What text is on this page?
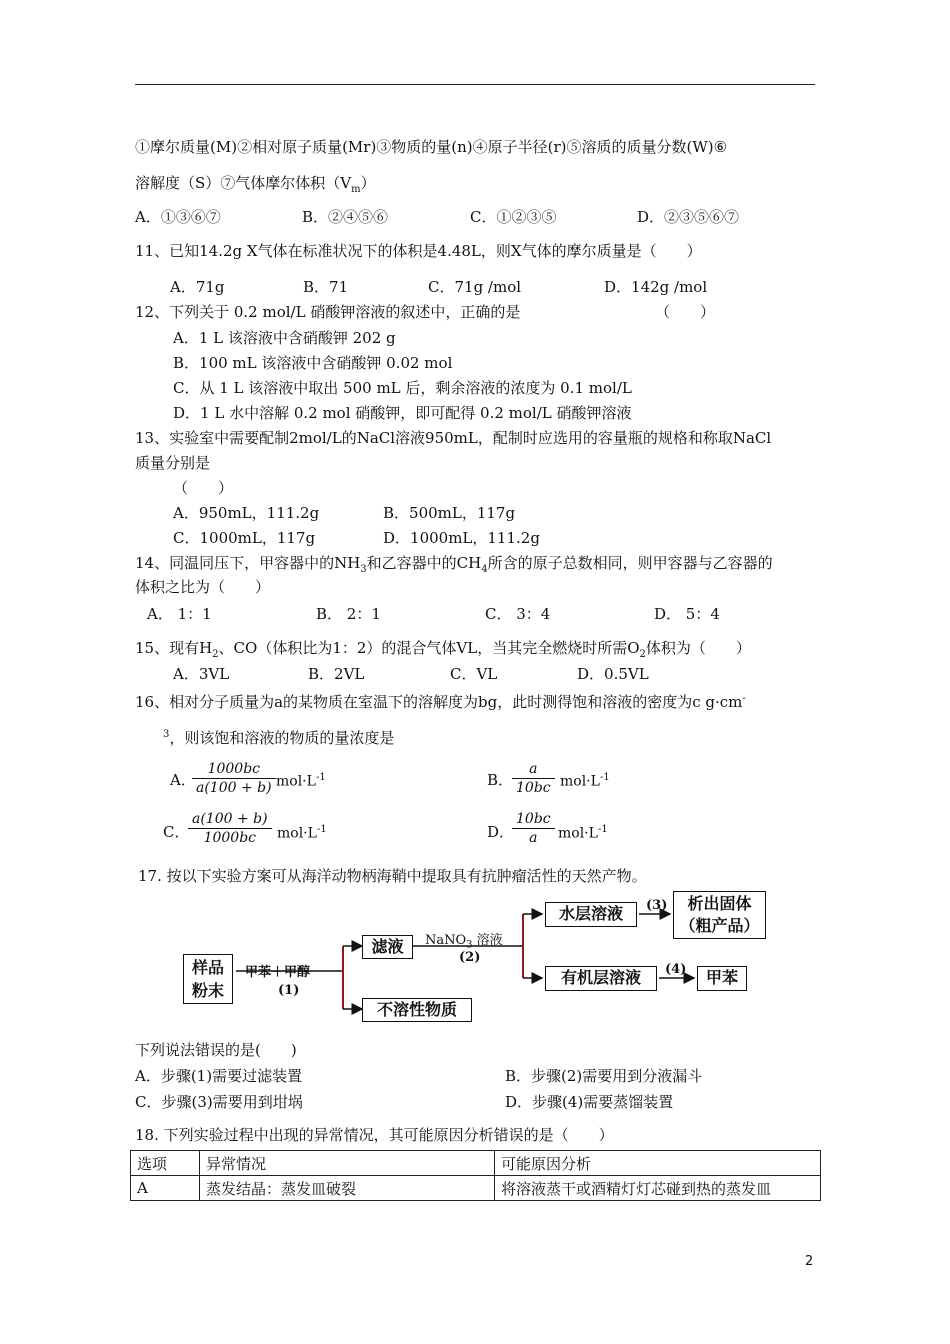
①摩尔质量(M)②相对原子质量(Mr)③物质的量(n)④原子半径(r)⑤溶质的质量分数(W)⑥
溶解度（S）⑦气体摩尔体积$(V_m)$
A．①③⑥⑦	B．②④⑤⑥	C．①②③⑤	D．②③⑤⑥⑦
11、已知14.2g X气体在标准状况下的体积是4.48L，则X气体的摩尔质量是（　　）
A．71g	B．71	C．71g /mol	D．142g /mol
12、下列关于 0.2 mol/L 硝酸钾溶液的叙述中，正确的是	（　　）
A．1 L 该溶液中含硝酸钾 202 g
B．100 mL 该溶液中含硝酸钾 0.02 mol
C．从 1 L 该溶液中取出 500 mL 后，剩余溶液的浓度为 0.1 mol/L
D．1 L 水中溶解 0.2 mol 硝酸钾，即可配得 0.2 mol/L 硝酸钾溶液
13、实验室中需要配制2mol/L的NaCl溶液950mL，配制时应选用的容量瓶的规格和称取NaCl
质量分别是
（　　）
A．950mL，111.2g	B．500mL，117g
C．1000mL，117g	D．1000mL，111.2g
14、同温同压下，甲容器中的$NH_3$和乙容器中的$CH_4$所含的原子总数相同，则甲容器与乙容器的
体积之比为（　　）
A． 1：1	B． 2：1	C． 3：4	D． 5：4
15、现有$H_2$、CO（体积比为1：2）的混合气体VL，当其完全燃烧时所需$O_2$体积为（　　）
A．3VL	B．2VL	C．VL	D．0.5VL
16、相对分子质量为a的某物质在室温下的溶解度为bg，此时测得饱和溶液的密度为c g·cm-
$^3$，则该饱和溶液的物质的量浓度是
A．
1000bc
a(100 + b) $mol\cdot L^{-1}$	B．
a
10bc $mol\cdot L^{-1}$
C．
a(100 + b)
1000bc	$mol\cdot L^{-1}$	D．
10bc
a	$mol\cdot L^{-1}$
17. 按以下实验方案可从海洋动物柄海鞘中提取具有抗肿瘤活性的天然产物。
样品
粉末
甲苯＋甲醇
(1)
滤液
不溶性物质
NaNO$_3$ 溶液
(2)
水层溶液	(3)	析出固体
（粗产品）
有机层溶液	(4)	甲苯
下列说法错误的是(　　)
A．步骤(1)需要过滤装置	B．步骤(2)需要用到分液漏斗
C．步骤(3)需要用到坩埚	D．步骤(4)需要蒸馏装置
18. 下列实验过程中出现的异常情况，其可能原因分析错误的是（　　）
选项	异常情况	可能原因分析
A	蒸发结晶：蒸发皿破裂	将溶液蒸干或酒精灯灯芯碰到热的蒸发皿
2
